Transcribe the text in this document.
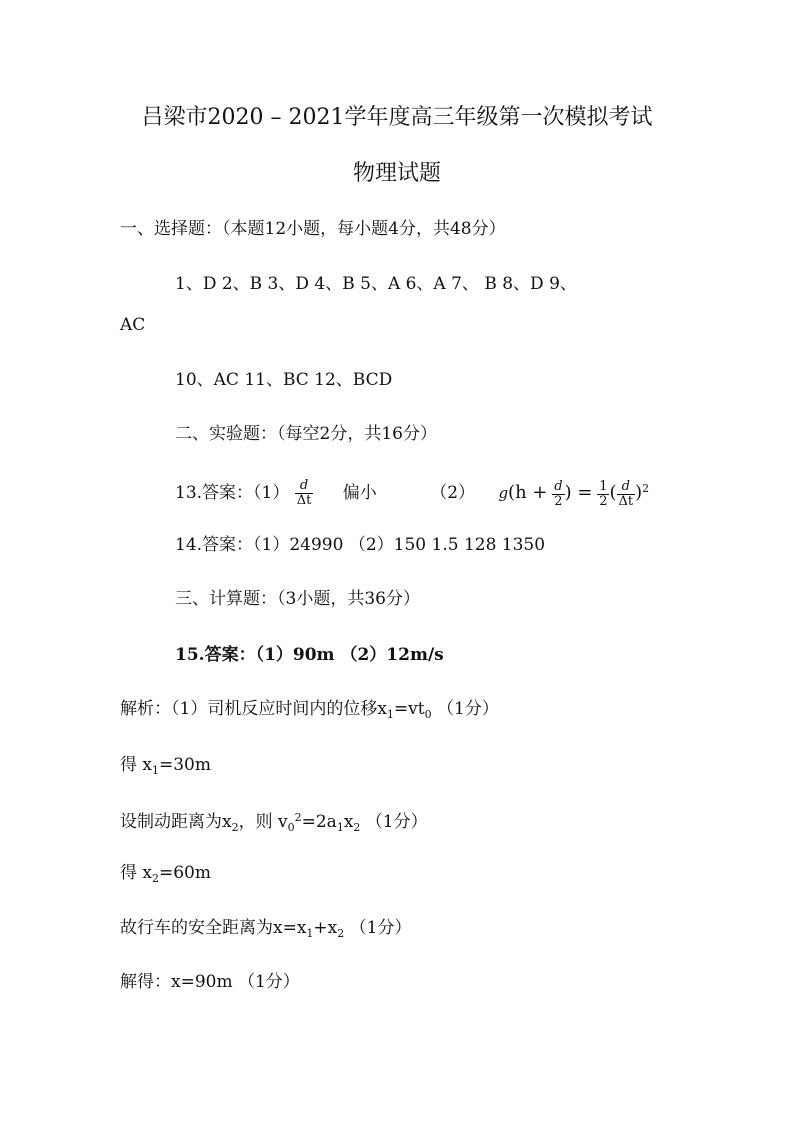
吕梁市2020 – 2021学年度高三年级第一次模拟考试
物理试题
一、选择题：（本题12小题，每小题4分，共48分）
1、D 2、B 3、D 4、B 5、A 6、A 7、 B 8、D 9、
AC
10、AC 11、BC 12、BCD
二、实验题：（每空2分，共16分）
13.答案：$(1) \frac{d}{\Delta t}$ 偏小	（2） $g(h + \frac{d}{2}$ ) = $\frac{1}{2}$ ( $\frac{d}{\Delta t} )^2$
14.答案：（1）24990 （2）150 1.5 128 1350
三、计算题：（3小题，共36分）
15.答案：（1）90m （2）12m/s
解析：（1）司机反应时间内的位移$x_1=vt_0$ （1分）
得 $x_1=30m$
设制动距离为$x_2$，则 $v_0^2=2a_1x_2$ （1分）
得 $x_2=60m$
故行车的安全距离为$x=x_1+x_2$ （1分）
解得：x=90m （1分）
